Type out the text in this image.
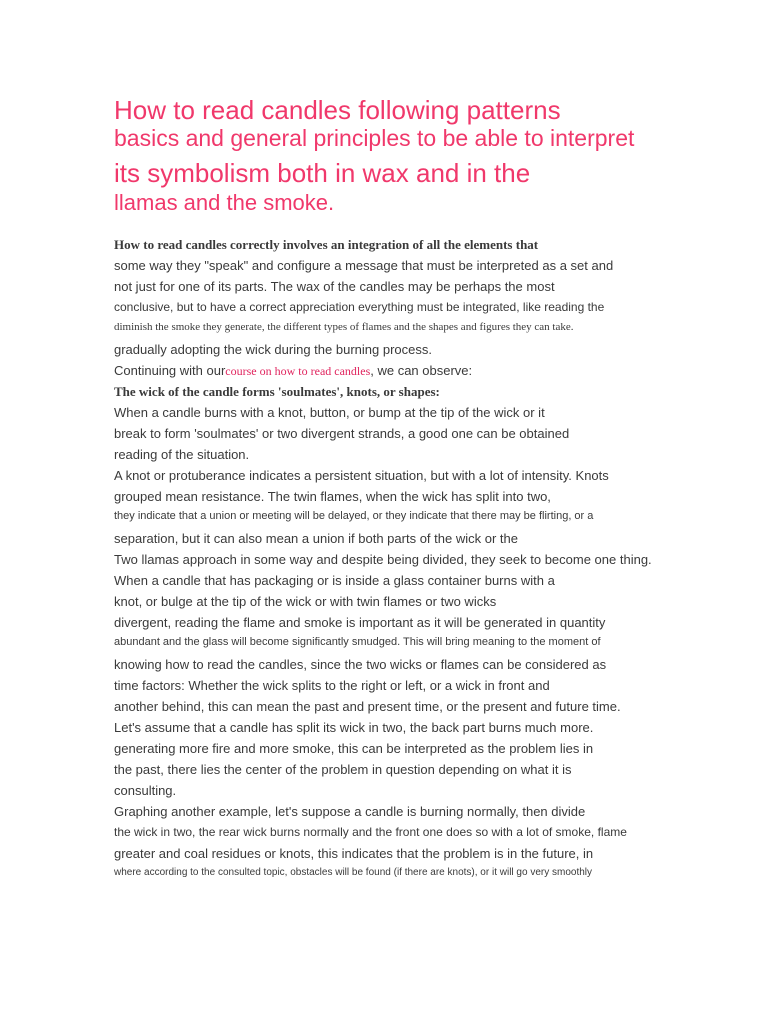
How to read candles following patterns
basics and general principles to be able to interpret
its symbolism both in wax and in the
llamas and the smoke.

How to read candles correctly involves an integration of all the elements that

some way they "speak" and configure a message that must be interpreted as a set and

not just for one of its parts. The wax of the candles may be perhaps the most

conclusive, but to have a correct appreciation everything must be integrated, like reading the

diminish the smoke they generate, the different types of flames and the shapes and figures they can take.

gradually adopting the wick during the burning process.

Continuing with ourcourse on how to read candles, we can observe:

The wick of the candle forms 'soulmates', knots, or shapes:

When a candle burns with a knot, button, or bump at the tip of the wick or it

break to form 'soulmates' or two divergent strands, a good one can be obtained

reading of the situation.

A knot or protuberance indicates a persistent situation, but with a lot of intensity. Knots

grouped mean resistance. The twin flames, when the wick has split into two,

they indicate that a union or meeting will be delayed, or they indicate that there may be flirting, or a

separation, but it can also mean a union if both parts of the wick or the

Two llamas approach in some way and despite being divided, they seek to become one thing.

When a candle that has packaging or is inside a glass container burns with a

knot, or bulge at the tip of the wick or with twin flames or two wicks

divergent, reading the flame and smoke is important as it will be generated in quantity

abundant and the glass will become significantly smudged. This will bring meaning to the moment of

knowing how to read the candles, since the two wicks or flames can be considered as

time factors: Whether the wick splits to the right or left, or a wick in front and

another behind, this can mean the past and present time, or the present and future time.

Let's assume that a candle has split its wick in two, the back part burns much more.

generating more fire and more smoke, this can be interpreted as the problem lies in

the past, there lies the center of the problem in question depending on what it is

consulting.

Graphing another example, let's suppose a candle is burning normally, then divide

the wick in two, the rear wick burns normally and the front one does so with a lot of smoke, flame

greater and coal residues or knots, this indicates that the problem is in the future, in

where according to the consulted topic, obstacles will be found (if there are knots), or it will go very smoothly
